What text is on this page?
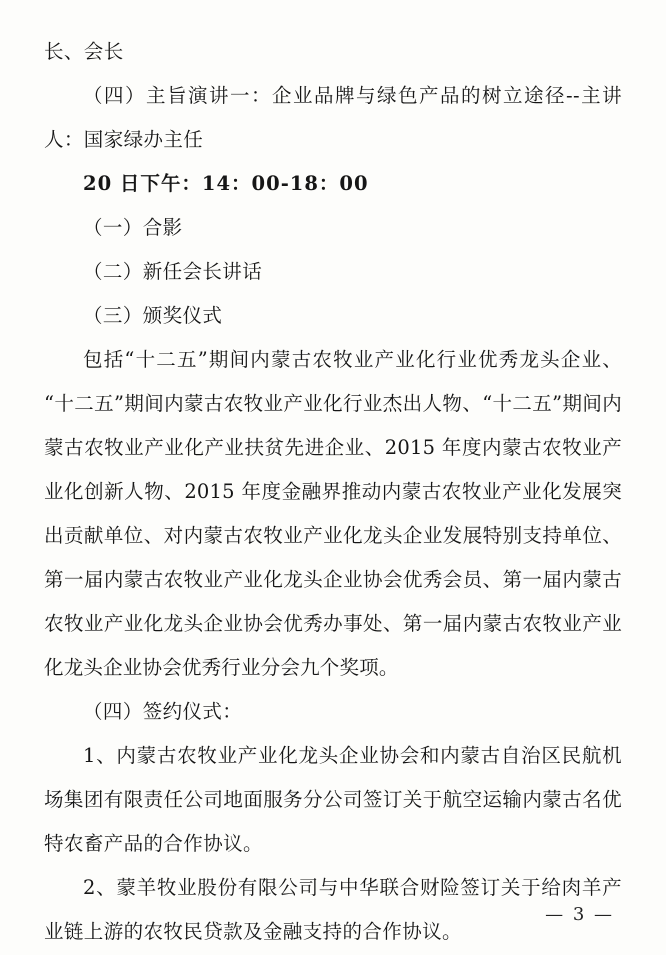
长、会长

（四）主旨演讲一：企业品牌与绿色产品的树立途径--主讲人：国家绿办主任

20 日下午：14：00-18：00

（一）合影

（二）新任会长讲话

（三）颁奖仪式

包括“十二五”期间内蒙古农牧业产业化行业优秀龙头企业、“十二五”期间内蒙古农牧业产业化行业杰出人物、“十二五”期间内蒙古农牧业产业化产业扶贫先进企业、2015 年度内蒙古农牧业产业化创新人物、2015 年度金融界推动内蒙古农牧业产业化发展突出贡献单位、对内蒙古农牧业产业化龙头企业发展特别支持单位、第一届内蒙古农牧业产业化龙头企业协会优秀会员、第一届内蒙古农牧业产业化龙头企业协会优秀办事处、第一届内蒙古农牧业产业化龙头企业协会优秀行业分会九个奖项。

（四）签约仪式：

1、内蒙古农牧业产业化龙头企业协会和内蒙古自治区民航机场集团有限责任公司地面服务分公司签订关于航空运输内蒙古名优特农畜产品的合作协议。

2、蒙羊牧业股份有限公司与中华联合财险签订关于给肉羊产业链上游的农牧民贷款及金融支持的合作协议。

— 3 —
